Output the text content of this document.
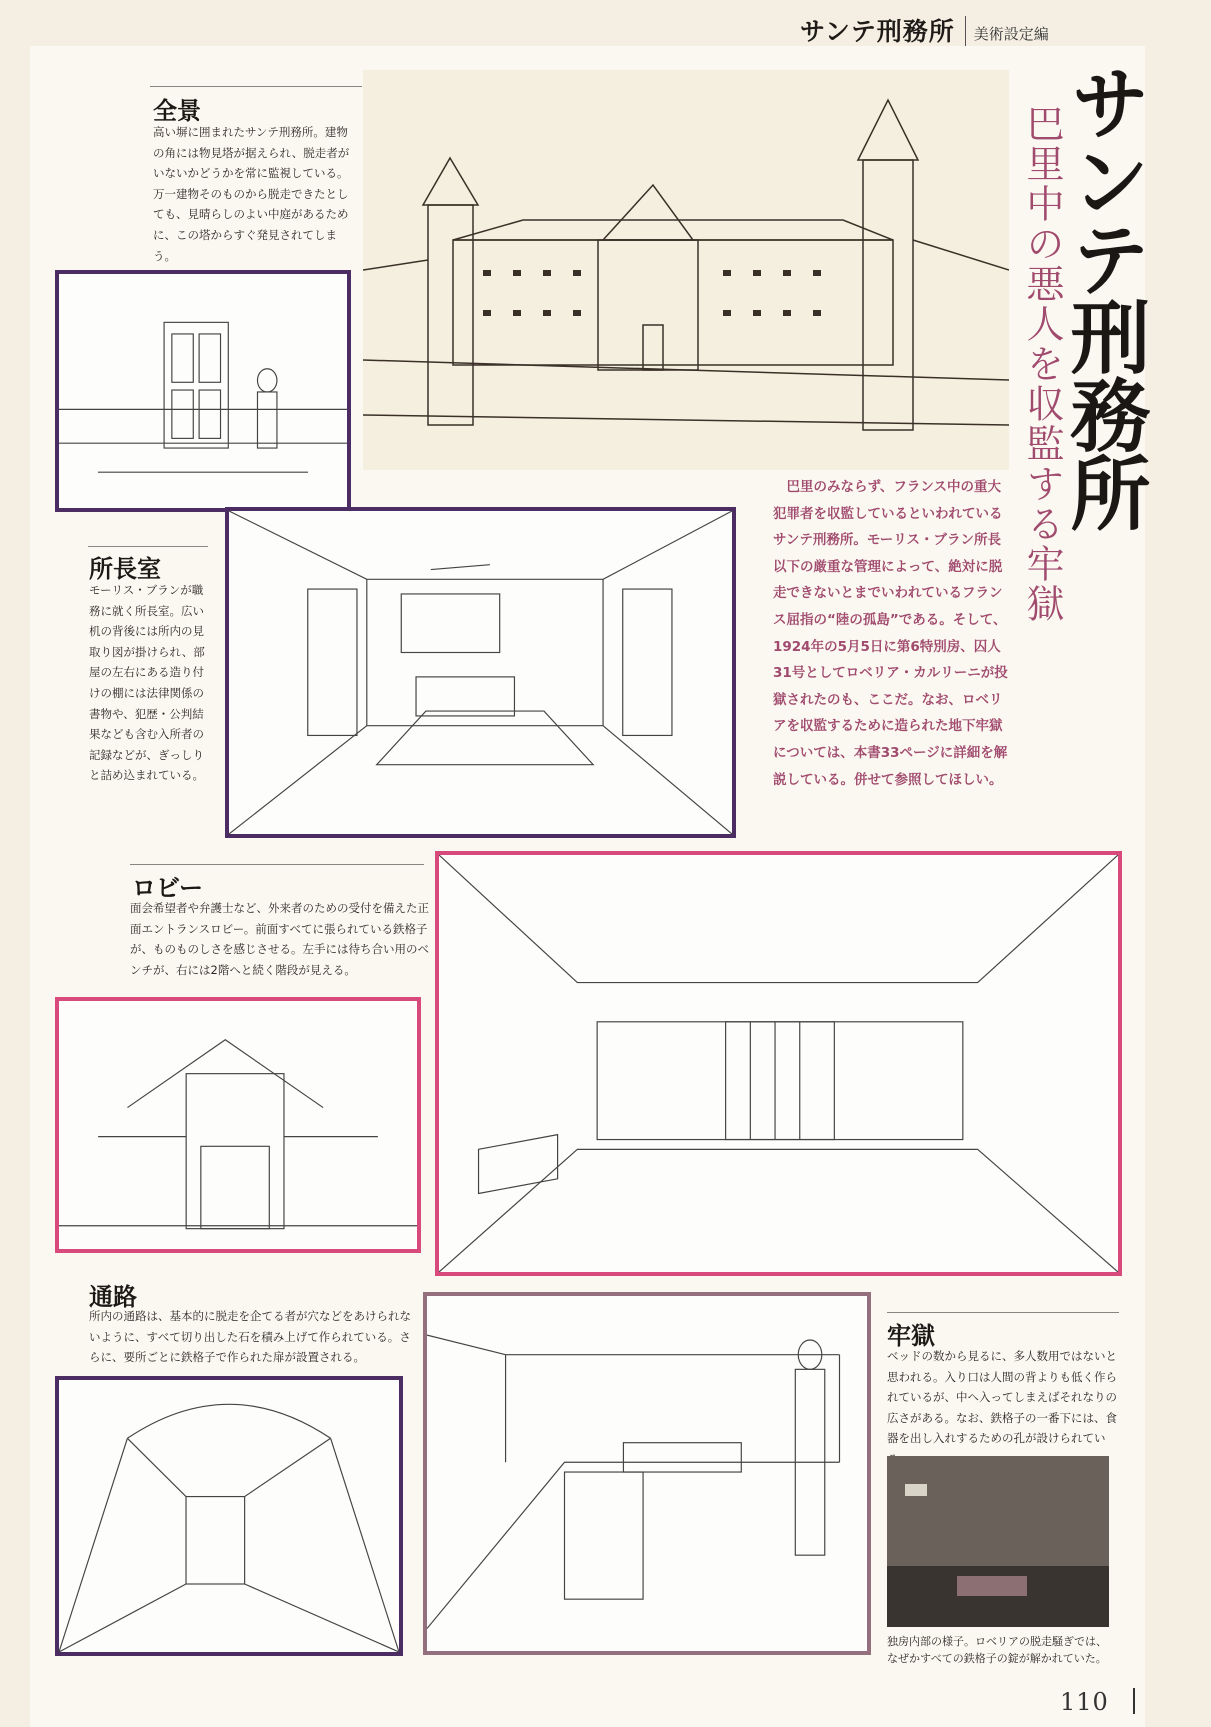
サンテ刑務所 美術設定編
サンテ刑務所
巴里中の悪人を収監する牢獄
全景
高い塀に囲まれたサンテ刑務所。建物の角には物見塔が据えられ、脱走者がいないかどうかを常に監視している。万一建物そのものから脱走できたとしても、見晴らしのよい中庭があるために、この塔からすぐ発見されてしまう。
所長室
モーリス・ブランが職務に就く所長室。広い机の背後には所内の見取り図が掛けられ、部屋の左右にある造り付けの棚には法律関係の書物や、犯歴・公判結果なども含む入所者の記録などが、ぎっしりと詰め込まれている。
巴里のみならず、フランス中の重大犯罪者を収監しているといわれているサンテ刑務所。モーリス・ブラン所長以下の厳重な管理によって、絶対に脱走できないとまでいわれているフランス屈指の“陸の孤島”である。そして、1924年の5月5日に第6特別房、囚人31号としてロベリア・カルリーニが投獄されたのも、ここだ。なお、ロベリアを収監するために造られた地下牢獄については、本書33ページに詳細を解説している。併せて参照してほしい。
ロビー
面会希望者や弁護士など、外来者のための受付を備えた正面エントランスロビー。前面すべてに張られている鉄格子が、ものものしさを感じさせる。左手には待ち合い用のベンチが、右には2階へと続く階段が見える。
通路
所内の通路は、基本的に脱走を企てる者が穴などをあけられないように、すべて切り出した石を積み上げて作られている。さらに、要所ごとに鉄格子で作られた扉が設置される。
牢獄
ベッドの数から見るに、多人数用ではないと思われる。入り口は人間の背よりも低く作られているが、中へ入ってしまえばそれなりの広さがある。なお、鉄格子の一番下には、食器を出し入れするための孔が設けられてい
独房内部の様子。ロベリアの脱走騒ぎでは、なぜかすべての鉄格子の錠が解かれていた。
110
